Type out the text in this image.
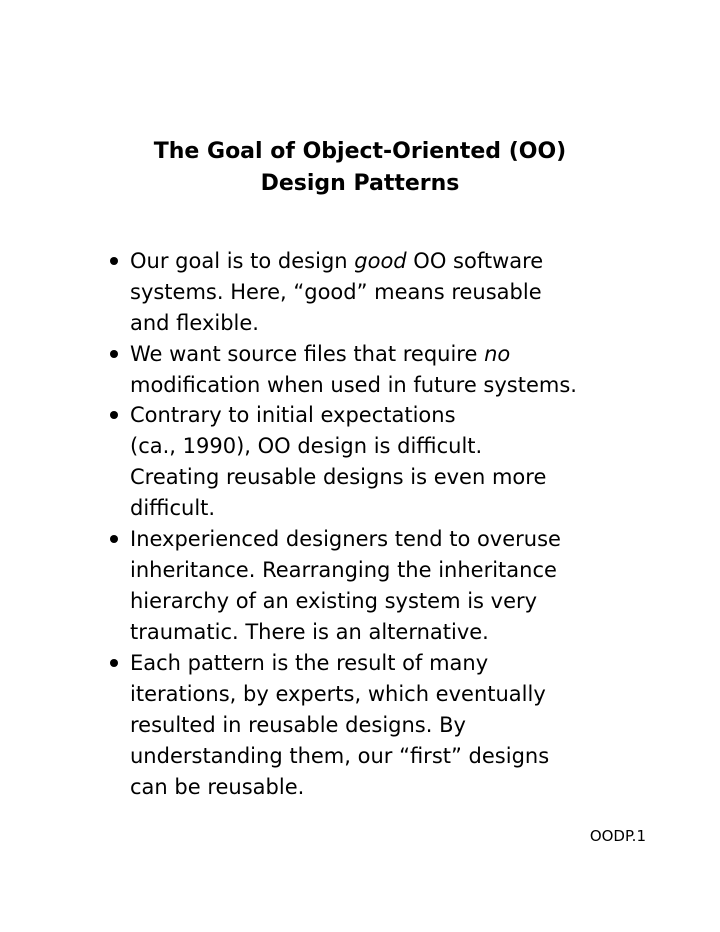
The Goal of Object-Oriented (OO)
Design Patterns
Our goal is to design good OO software
systems. Here, “good” means reusable
and flexible.
We want source files that require no
modification when used in future systems.
Contrary to initial expectations
(ca., 1990), OO design is difficult.
Creating reusable designs is even more
difficult.
Inexperienced designers tend to overuse
inheritance. Rearranging the inheritance
hierarchy of an existing system is very
traumatic. There is an alternative.
Each pattern is the result of many
iterations, by experts, which eventually
resulted in reusable designs. By
understanding them, our “first” designs
can be reusable.
OODP.1
